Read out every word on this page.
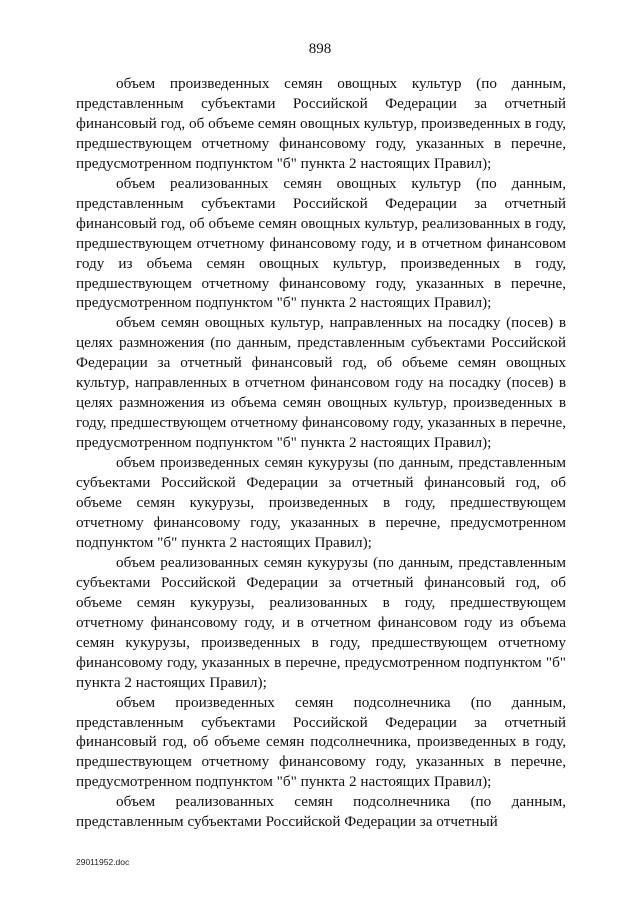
898

объем произведенных семян овощных культур (по данным, представленным субъектами Российской Федерации за отчетный финансовый год, об объеме семян овощных культур, произведенных в году, предшествующем отчетному финансовому году, указанных в перечне, предусмотренном подпунктом "б" пункта 2 настоящих Правил);

объем реализованных семян овощных культур (по данным, представленным субъектами Российской Федерации за отчетный финансовый год, об объеме семян овощных культур, реализованных в году, предшествующем отчетному финансовому году, и в отчетном финансовом году из объема семян овощных культур, произведенных в году, предшествующем отчетному финансовому году, указанных в перечне, предусмотренном подпунктом "б" пункта 2 настоящих Правил);

объем семян овощных культур, направленных на посадку (посев) в целях размножения (по данным, представленным субъектами Российской Федерации за отчетный финансовый год, об объеме семян овощных культур, направленных в отчетном финансовом году на посадку (посев) в целях размножения из объема семян овощных культур, произведенных в году, предшествующем отчетному финансовому году, указанных в перечне, предусмотренном подпунктом "б" пункта 2 настоящих Правил);

объем произведенных семян кукурузы (по данным, представленным субъектами Российской Федерации за отчетный финансовый год, об объеме семян кукурузы, произведенных в году, предшествующем отчетному финансовому году, указанных в перечне, предусмотренном подпунктом "б" пункта 2 настоящих Правил);

объем реализованных семян кукурузы (по данным, представленным субъектами Российской Федерации за отчетный финансовый год, об объеме семян кукурузы, реализованных в году, предшествующем отчетному финансовому году, и в отчетном финансовом году из объема семян кукурузы, произведенных в году, предшествующем отчетному финансовому году, указанных в перечне, предусмотренном подпунктом "б" пункта 2 настоящих Правил);

объем произведенных семян подсолнечника (по данным, представленным субъектами Российской Федерации за отчетный финансовый год, об объеме семян подсолнечника, произведенных в году, предшествующем отчетному финансовому году, указанных в перечне, предусмотренном подпунктом "б" пункта 2 настоящих Правил);

объем реализованных семян подсолнечника (по данным, представленным субъектами Российской Федерации за отчетный

29011952.doc
